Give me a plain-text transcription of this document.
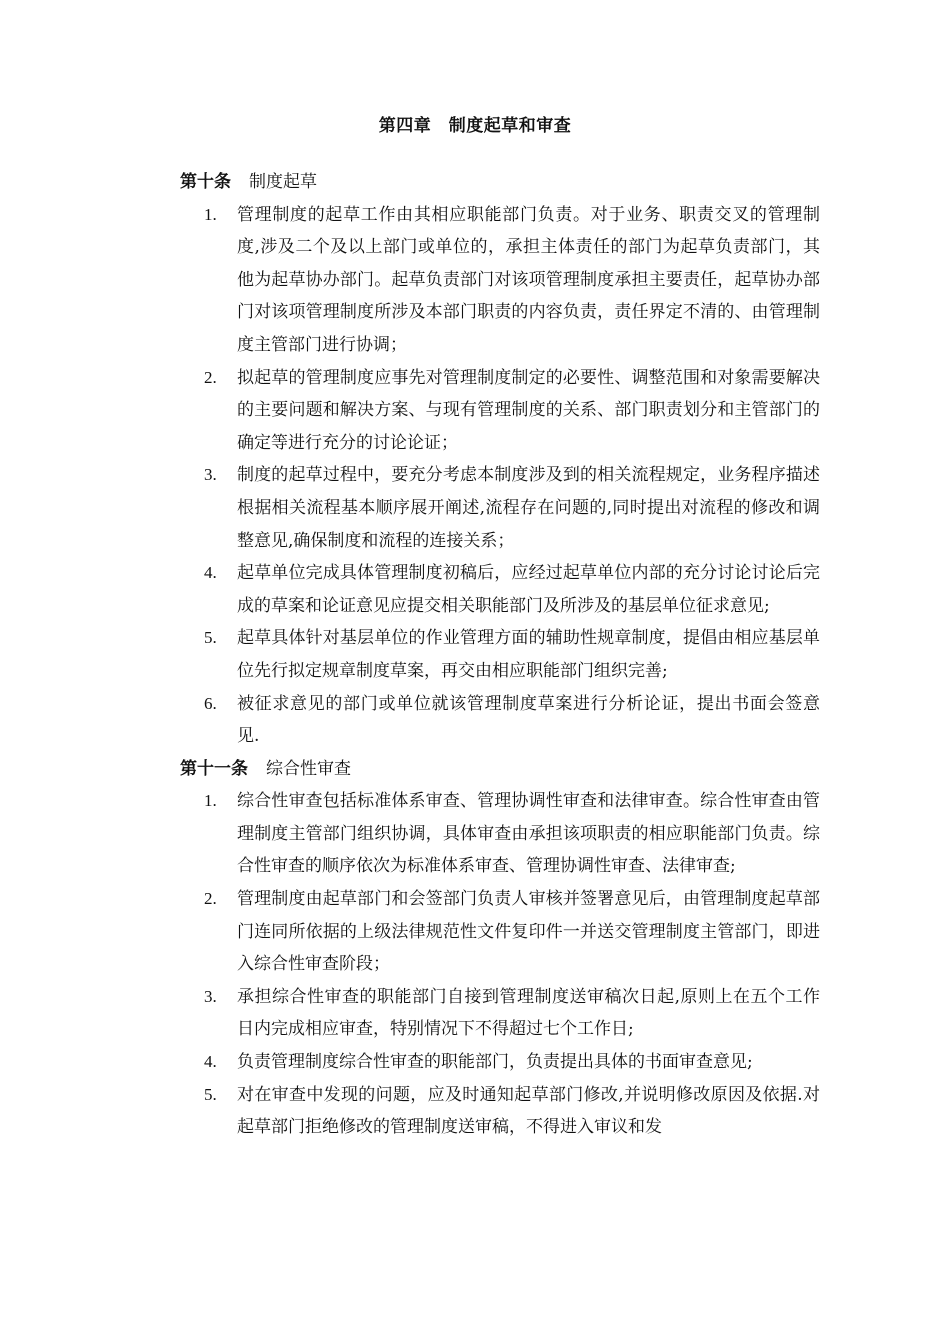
第四章　制度起草和审查

第十条 制度起草

1. 管理制度的起草工作由其相应职能部门负责。对于业务、职责交叉的管理制度,涉及二个及以上部门或单位的，承担主体责任的部门为起草负责部门，其他为起草协办部门。起草负责部门对该项管理制度承担主要责任，起草协办部门对该项管理制度所涉及本部门职责的内容负责，责任界定不清的、由管理制度主管部门进行协调；
2. 拟起草的管理制度应事先对管理制度制定的必要性、调整范围和对象需要解决的主要问题和解决方案、与现有管理制度的关系、部门职责划分和主管部门的确定等进行充分的讨论论证；
3. 制度的起草过程中，要充分考虑本制度涉及到的相关流程规定，业务程序描述根据相关流程基本顺序展开阐述,流程存在问题的,同时提出对流程的修改和调整意见,确保制度和流程的连接关系；
4. 起草单位完成具体管理制度初稿后，应经过起草单位内部的充分讨论讨论后完成的草案和论证意见应提交相关职能部门及所涉及的基层单位征求意见;
5. 起草具体针对基层单位的作业管理方面的辅助性规章制度，提倡由相应基层单位先行拟定规章制度草案，再交由相应职能部门组织完善;
6. 被征求意见的部门或单位就该管理制度草案进行分析论证，提出书面会签意见.

第十一条 综合性审查

1. 综合性审查包括标准体系审查、管理协调性审查和法律审查。综合性审查由管理制度主管部门组织协调，具体审查由承担该项职责的相应职能部门负责。综合性审查的顺序依次为标准体系审查、管理协调性审查、法律审查;
2. 管理制度由起草部门和会签部门负责人审核并签署意见后，由管理制度起草部门连同所依据的上级法律规范性文件复印件一并送交管理制度主管部门，即进入综合性审查阶段；
3. 承担综合性审查的职能部门自接到管理制度送审稿次日起,原则上在五个工作日内完成相应审查，特别情况下不得超过七个工作日;
4. 负责管理制度综合性审查的职能部门，负责提出具体的书面审查意见;
5. 对在审查中发现的问题，应及时通知起草部门修改,并说明修改原因及依据.对起草部门拒绝修改的管理制度送审稿，不得进入审议和发
